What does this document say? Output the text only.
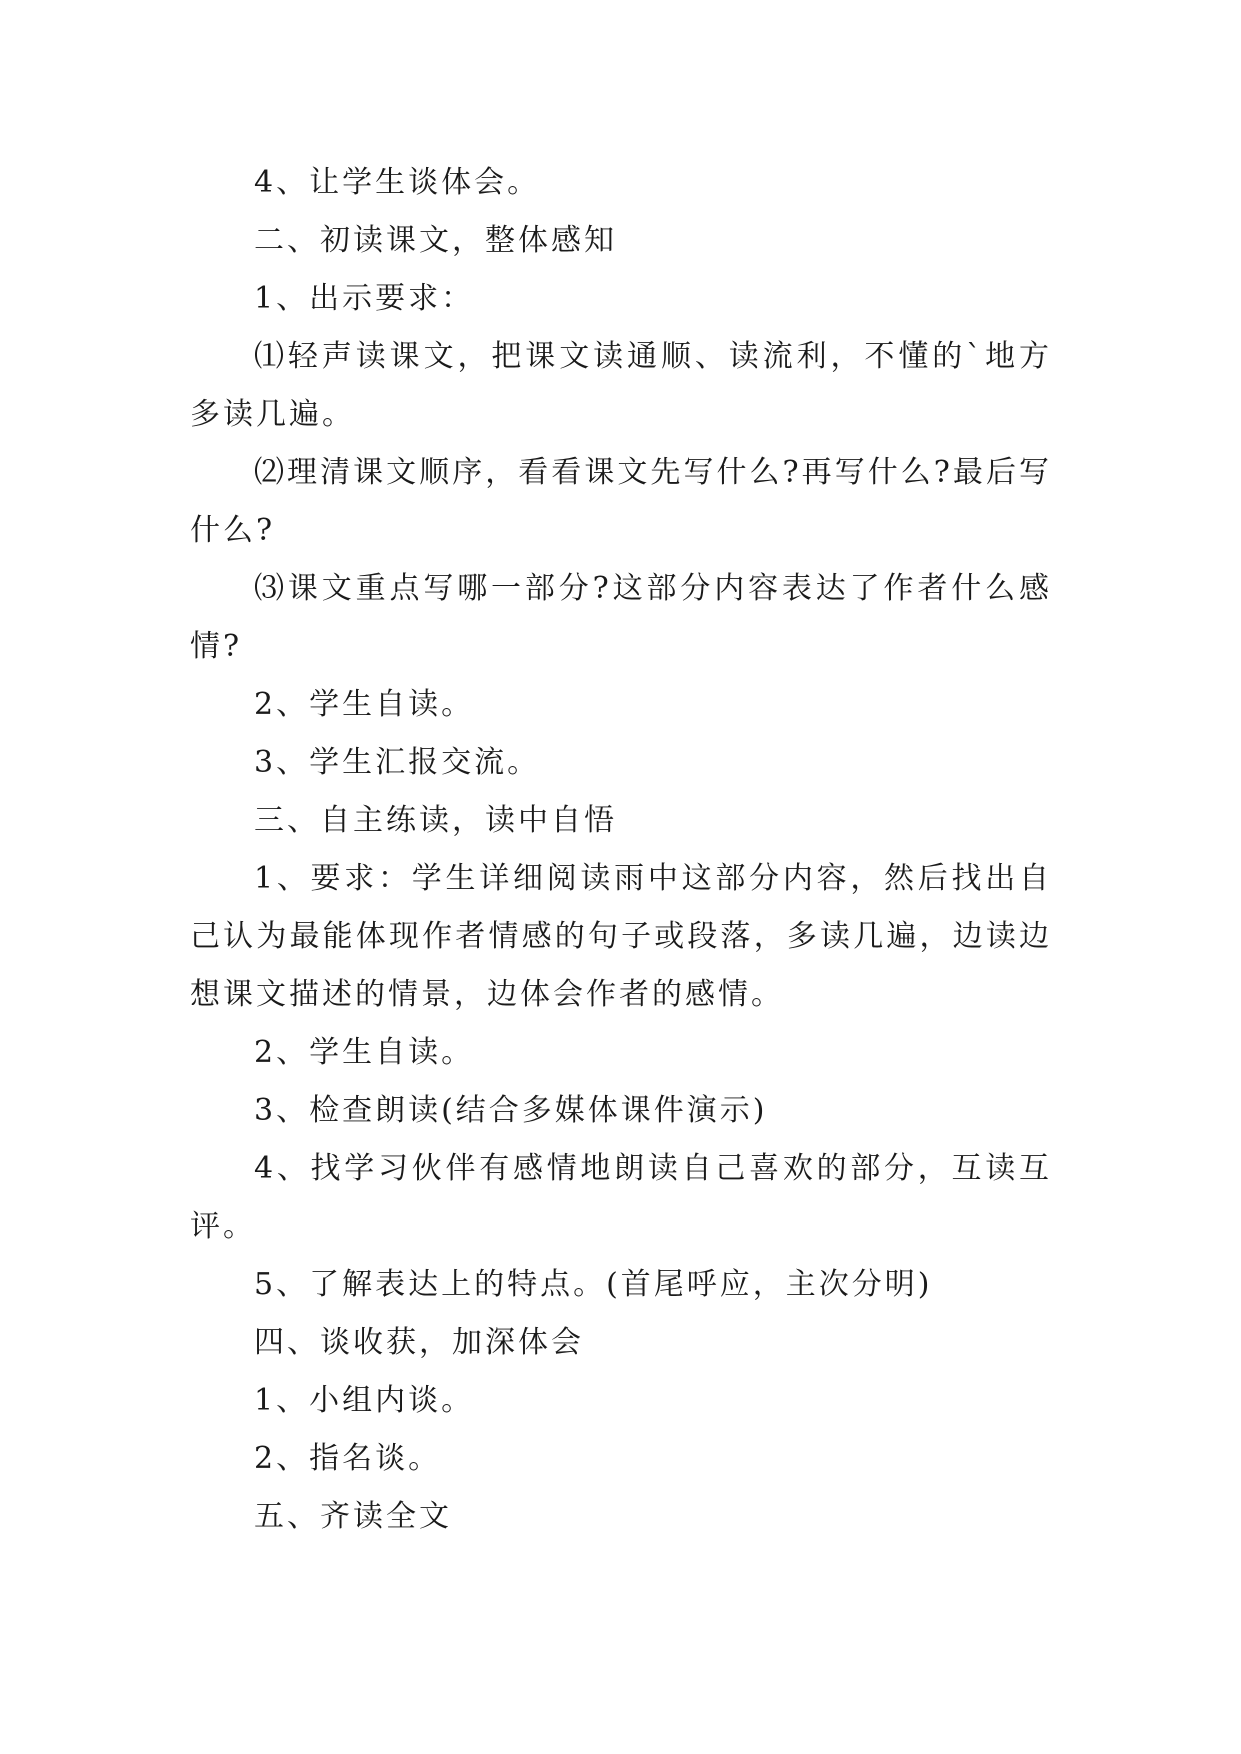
4、让学生谈体会。

二、初读课文，整体感知

1、出示要求：

⑴轻声读课文，把课文读通顺、读流利，不懂的`地方多读几遍。

⑵理清课文顺序，看看课文先写什么?再写什么?最后写什么?

⑶课文重点写哪一部分?这部分内容表达了作者什么感情?

2、学生自读。

3、学生汇报交流。

三、自主练读，读中自悟

1、要求：学生详细阅读雨中这部分内容，然后找出自己认为最能体现作者情感的句子或段落，多读几遍，边读边想课文描述的情景，边体会作者的感情。

2、学生自读。

3、检查朗读(结合多媒体课件演示)

4、找学习伙伴有感情地朗读自己喜欢的部分，互读互评。

5、了解表达上的特点。(首尾呼应，主次分明)

四、谈收获，加深体会

1、小组内谈。

2、指名谈。

五、齐读全文
